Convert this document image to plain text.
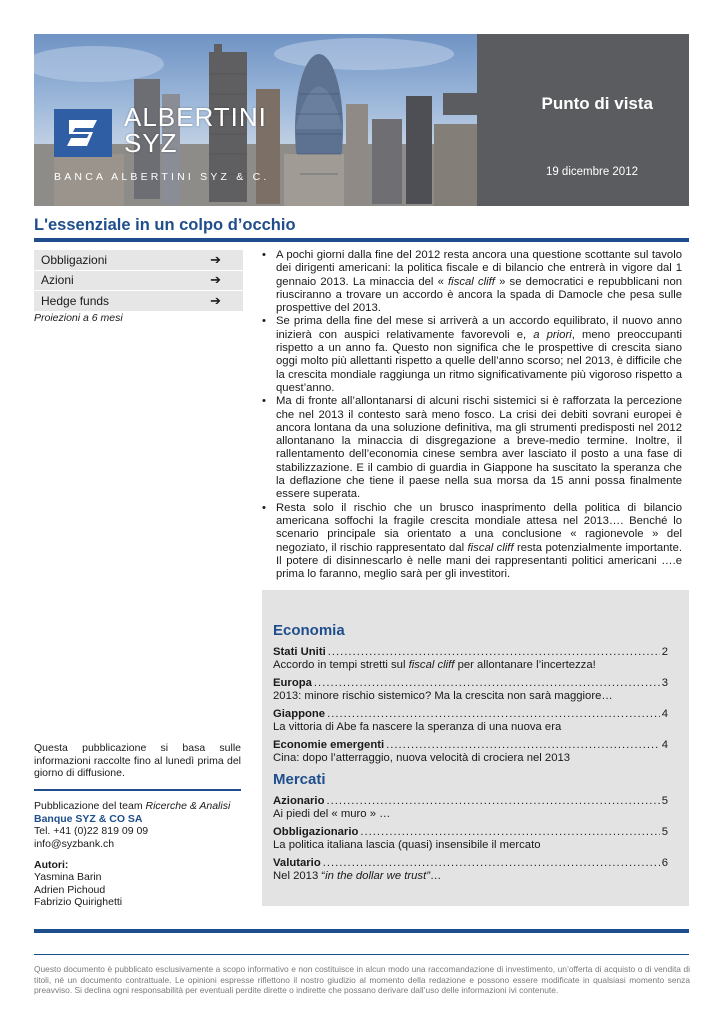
ALBERTINI
SYZ
BANCA ALBERTINI SYZ & C.
Punto di vista
19 dicembre 2012
L'essenziale in un colpo d’occhio
Obbligazioni	➔
Azioni	➔
Hedge funds	➔
Proiezioni a 6 mesi
Questa pubblicazione si basa sulle informazioni raccolte fino al lunedì prima del giorno di diffusione.
Pubblicazione del team Ricerche & Analisi
Banque SYZ & CO SA
Tel. +41 (0)22 819 09 09
info@syzbank.ch
Autori:
Yasmina Barin
Adrien Pichoud
Fabrizio Quirighetti
• A pochi giorni dalla fine del 2012 resta ancora una questione scottante sul tavolo dei dirigenti americani: la politica fiscale e di bilancio che entrerà in vigore dal 1 gennaio 2013. La minaccia del « fiscal cliff » se democratici e repubblicani non riusciranno a trovare un accordo è ancora la spada di Damocle che pesa sulle prospettive del 2013.
• Se prima della fine del mese si arriverà a un accordo equilibrato, il nuovo anno inizierà con auspici relativamente favorevoli e, a priori, meno preoccupanti rispetto a un anno fa. Questo non significa che le prospettive di crescita siano oggi molto più allettanti rispetto a quelle dell’anno scorso; nel 2013, è difficile che la crescita mondiale raggiunga un ritmo significativamente più vigoroso rispetto a quest’anno.
• Ma di fronte all’allontanarsi di alcuni rischi sistemici si è rafforzata la percezione che nel 2013 il contesto sarà meno fosco. La crisi dei debiti sovrani europei è ancora lontana da una soluzione definitiva, ma gli strumenti predisposti nel 2012 allontanano la minaccia di disgregazione a breve-medio termine. Inoltre, il rallentamento dell’economia cinese sembra aver lasciato il posto a una fase di stabilizzazione. E il cambio di guardia in Giappone ha suscitato la speranza che la deflazione che tiene il paese nella sua morsa da 15 anni possa finalmente essere superata.
• Resta solo il rischio che un brusco inasprimento della politica di bilancio americana soffochi la fragile crescita mondiale attesa nel 2013…. Benché lo scenario principale sia orientato a una conclusione « ragionevole » del negoziato, il rischio rappresentato dal fiscal cliff resta potenzialmente importante. Il potere di disinnescarlo è nelle mani dei rappresentanti politici americani ….e prima lo faranno, meglio sarà per gli investitori.
Economia
Stati Uniti .....	2
Accordo in tempi stretti sul fiscal cliff per allontanare l’incertezza!
Europa .....	3
2013: minore rischio sistemico? Ma la crescita non sarà maggiore…
Giappone .....	4
La vittoria di Abe fa nascere la speranza di una nuova era
Economie emergenti .....	4
Cina: dopo l’atterraggio, nuova velocità di crociera nel 2013
Mercati
Azionario .....	5
Ai piedi del « muro » …
Obbligazionario .....	5
La politica italiana lascia (quasi) insensibile il mercato
Valutario .....	6
Nel 2013 “in the dollar we trust”…
Questo documento è pubblicato esclusivamente a scopo informativo e non costituisce in alcun modo una raccomandazione di investimento, un’offerta di acquisto o di vendita di titoli, né un documento contrattuale. Le opinioni espresse riflettono il nostro giudizio al momento della redazione e possono essere modificate in qualsiasi momento senza preavviso. Si declina ogni responsabilità per eventuali perdite dirette o indirette che possano derivare dall’uso delle informazioni ivi contenute.
